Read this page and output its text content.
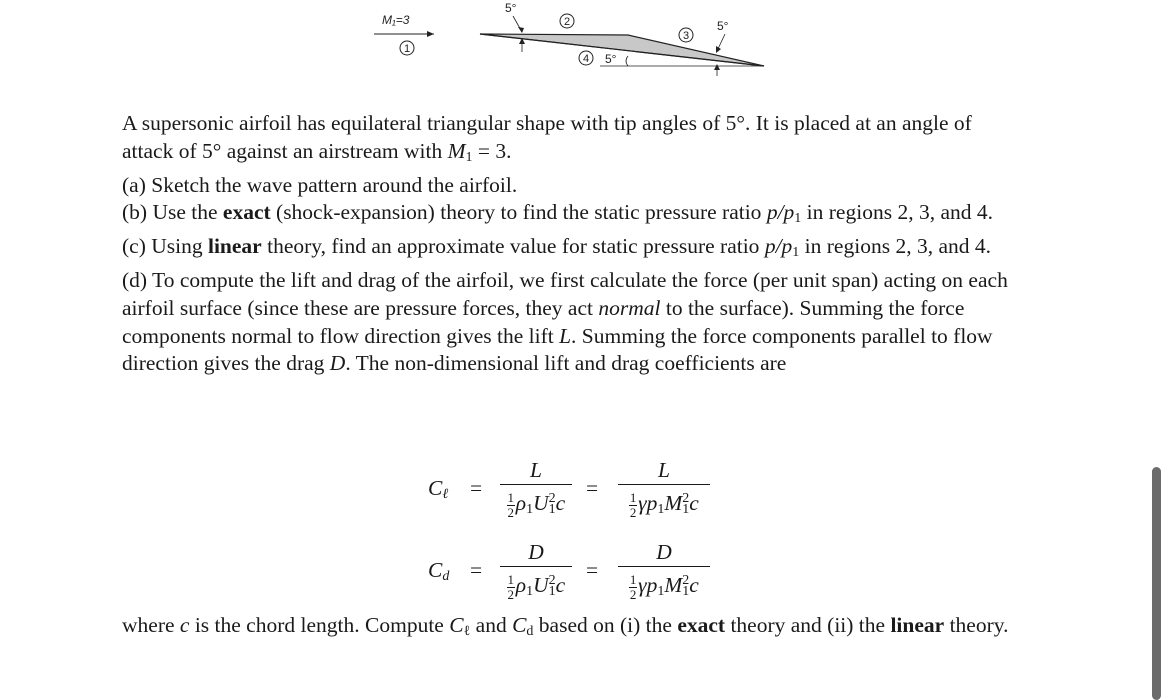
M₁=3
1
5°
2
3
5°
4 5°

A supersonic airfoil has equilateral triangular shape with tip angles of 5°. It is placed at an angle of attack of 5° against an airstream with $M_1 = 3$.

(a) Sketch the wave pattern around the airfoil.

(b) Use the exact (shock-expansion) theory to find the static pressure ratio $p/p_1$ in regions 2, 3, and 4.

(c) Using linear theory, find an approximate value for static pressure ratio $p/p_1$ in regions 2, 3, and 4.

(d) To compute the lift and drag of the airfoil, we first calculate the force (per unit span) acting on each airfoil surface (since these are pressure forces, they act normal to the surface). Summing the force components normal to flow direction gives the lift L. Summing the force components parallel to flow direction gives the drag D. The non-dimensional lift and drag coefficients are

$C_\ell$ =
L
$\frac{1}{2} \rho_1U^2_1c$
=
L
$\frac{1}{2} \gamma p_1M^2_1c$
$C_d$ =
D
$\frac{1}{2} \rho_1U^2_1c$
=
D
$\frac{1}{2} \gamma p_1M^2_1c$

where c is the chord length. Compute $C_\ell$ and $C_d$ based on (i) the exact theory and (ii) the linear theory.
